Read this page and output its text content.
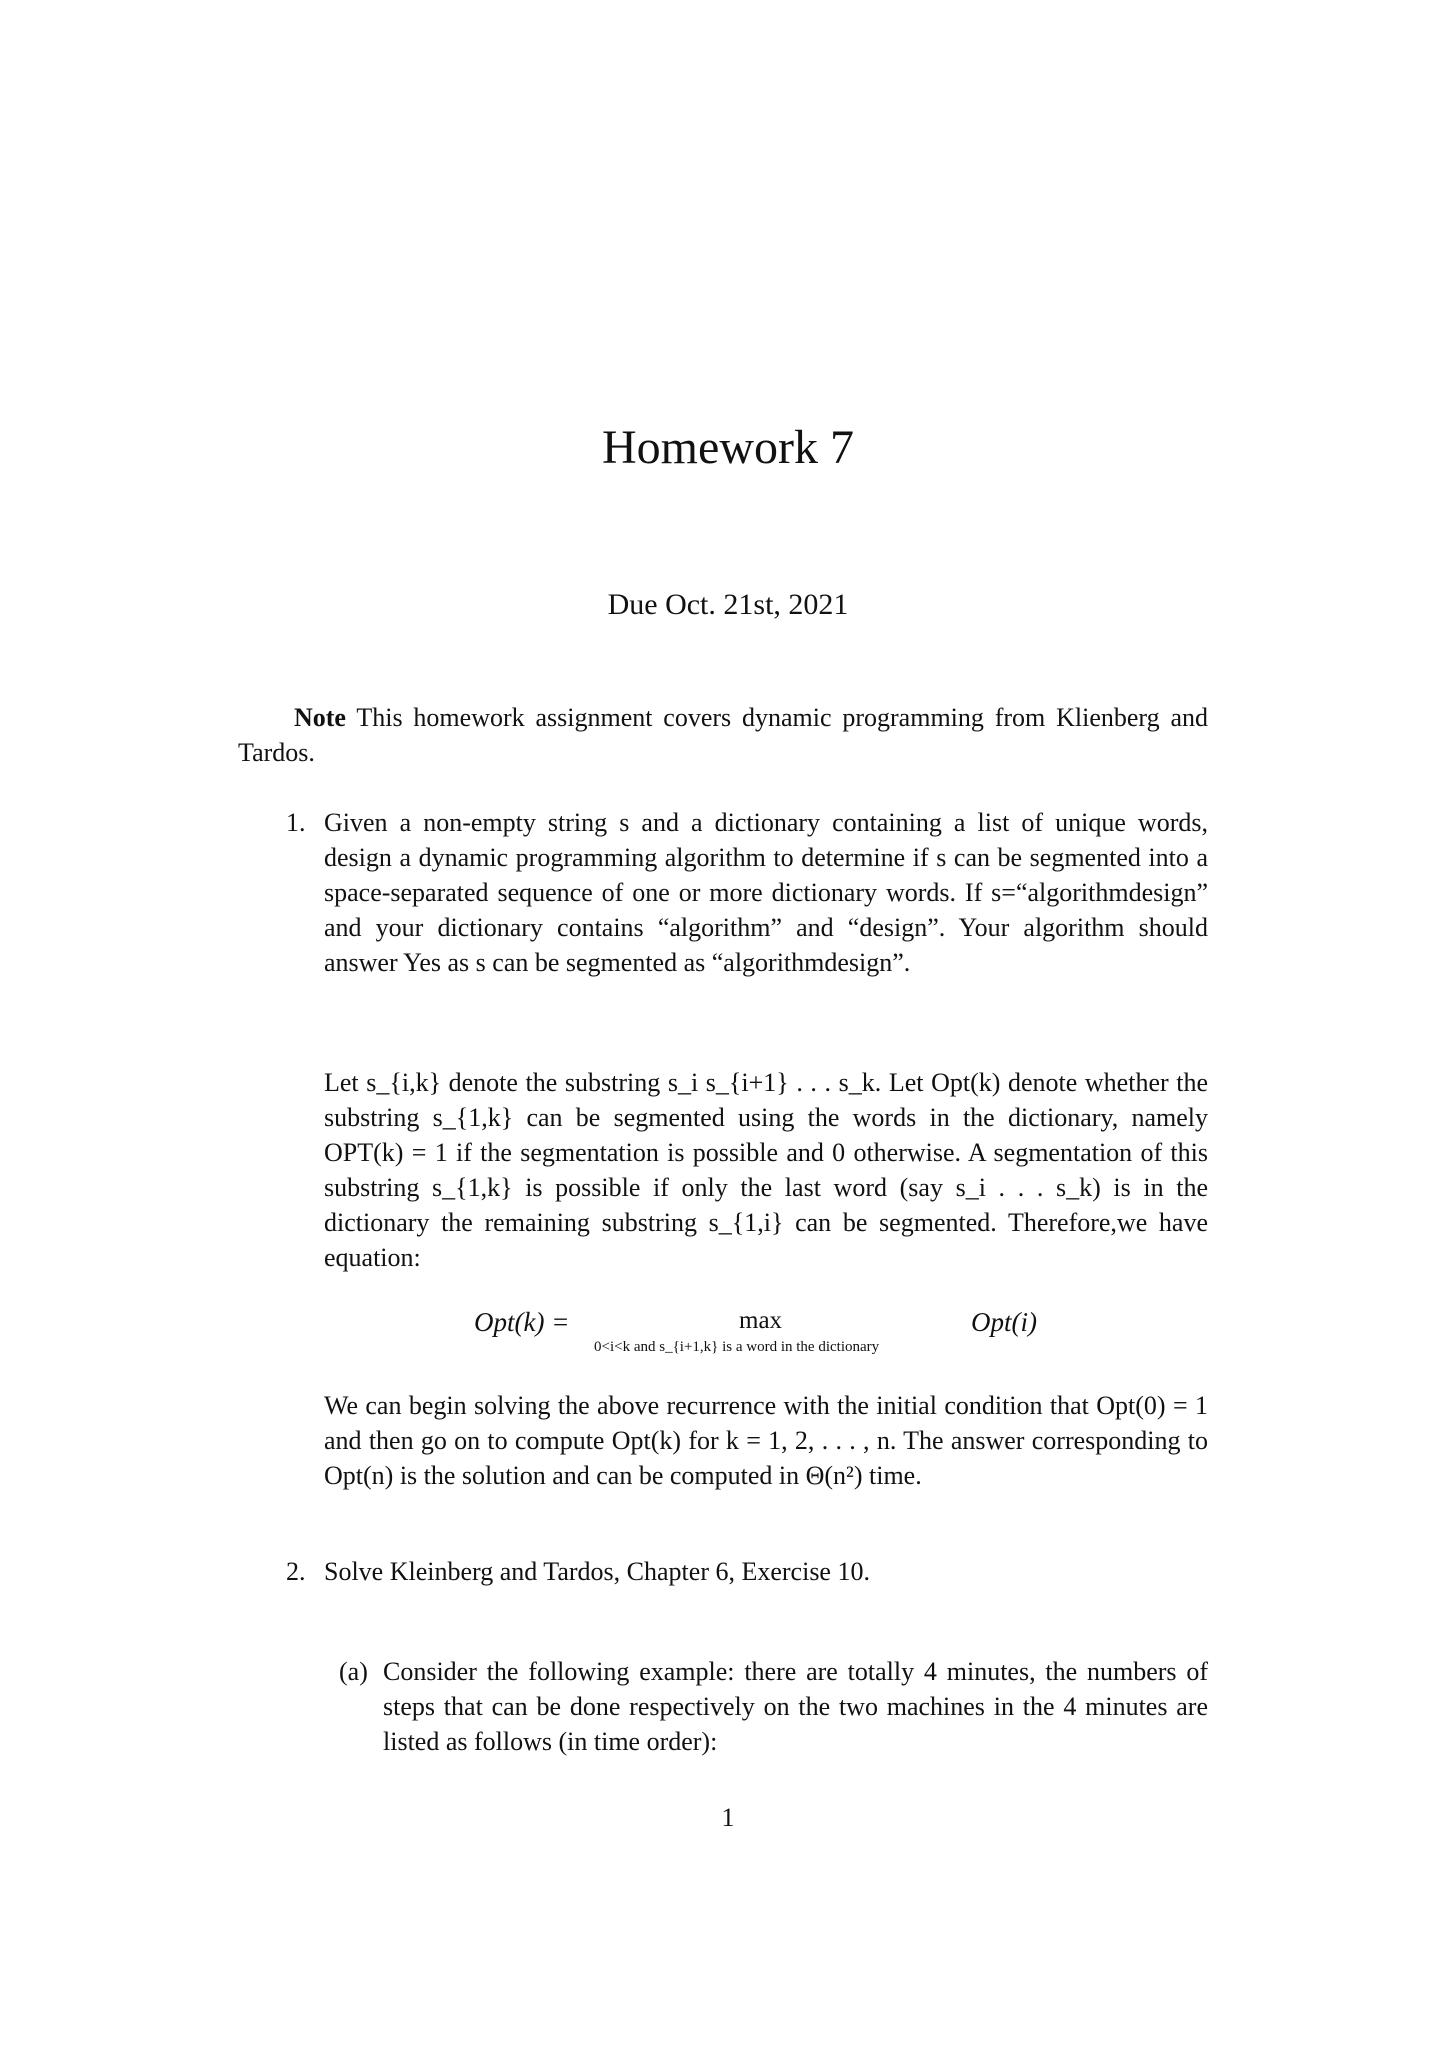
Homework 7
Due Oct. 21st, 2021
Note This homework assignment covers dynamic programming from Klienberg and Tardos.
1. Given a non-empty string s and a dictionary containing a list of unique words, design a dynamic programming algorithm to determine if s can be segmented into a space-separated sequence of one or more dictionary words. If s=“algorithmdesign” and your dictionary contains “algorithm” and “design”. Your algorithm should answer Yes as s can be segmented as “algorithmdesign”.
Let s_{i,k} denote the substring s_i s_{i+1} . . . s_k. Let Opt(k) denote whether the substring s_{1,k} can be segmented using the words in the dictionary, namely OPT(k) = 1 if the segmentation is possible and 0 otherwise. A segmentation of this substring s_{1,k} is possible if only the last word (say s_i . . . s_k) is in the dictionary the remaining substring s_{1,i} can be segmented. Therefore,we have equation:
Opt(k) =	max
0<i<k and s_{i+1,k} is a word in the dictionary
Opt(i)
We can begin solving the above recurrence with the initial condition that Opt(0) = 1 and then go on to compute Opt(k) for k = 1, 2, . . . , n. The answer corresponding to Opt(n) is the solution and can be computed in Θ(n²) time.
2. Solve Kleinberg and Tardos, Chapter 6, Exercise 10.
(a) Consider the following example: there are totally 4 minutes, the numbers of steps that can be done respectively on the two machines in the 4 minutes are listed as follows (in time order):
1
